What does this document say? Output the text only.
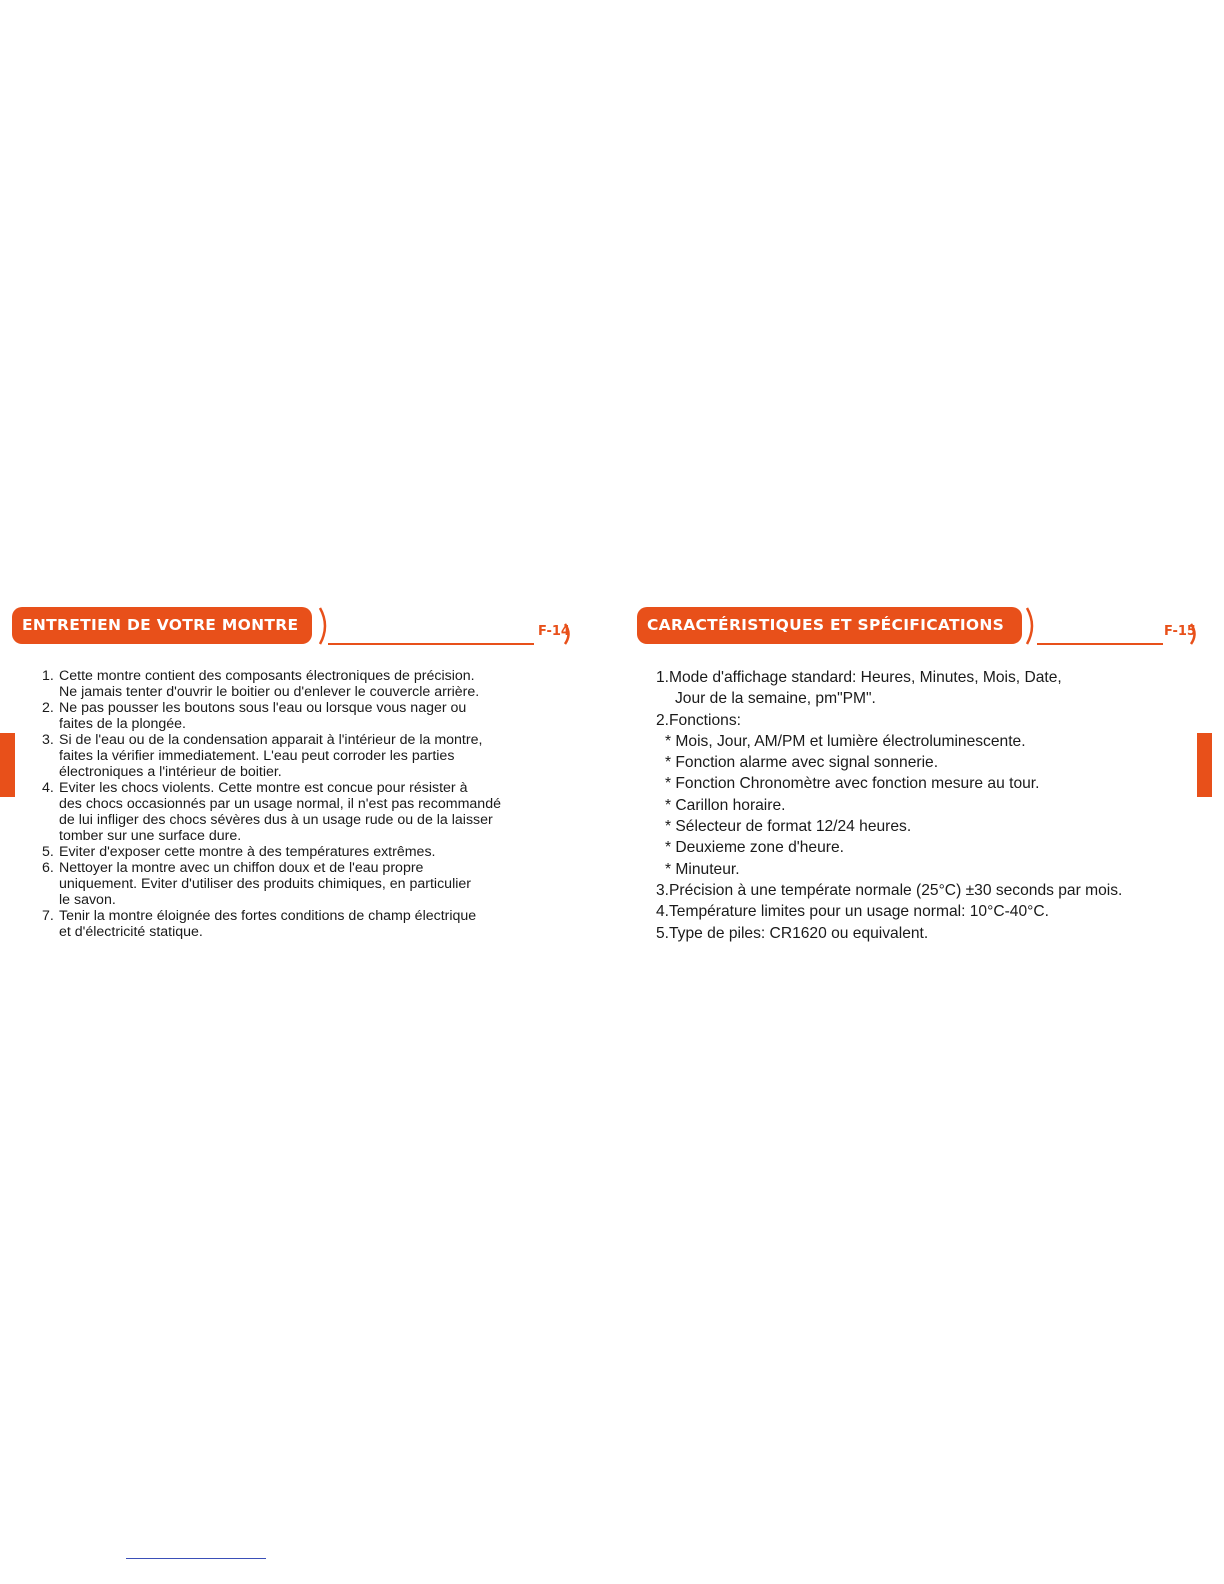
ENTRETIEN DE VOTRE MONTRE	F-14
1. Cette montre contient des composants électroniques de précision.
Ne jamais tenter d'ouvrir le boitier ou d'enlever le couvercle arrière.
2. Ne pas pousser les boutons sous l'eau ou lorsque vous nager ou
faites de la plongée.
3. Si de l'eau ou de la condensation apparait à l'intérieur de la montre,
faites la vérifier immediatement. L'eau peut corroder les parties
électroniques a l'intérieur de boitier.
4. Eviter les chocs violents. Cette montre est concue pour résister à
des chocs occasionnés par un usage normal, il n'est pas recommandé
de lui infliger des chocs sévères dus à un usage rude ou de la laisser
tomber sur une surface dure.
5. Eviter d'exposer cette montre à des températures extrêmes.
6. Nettoyer la montre avec un chiffon doux et de l'eau propre
uniquement. Eviter d'utiliser des produits chimiques, en particulier
le savon.
7. Tenir la montre éloignée des fortes conditions de champ électrique
et d'électricité statique.
CARACTÉRISTIQUES ET SPÉCIFICATIONS	F-15
1.Mode d'affichage standard: Heures, Minutes, Mois, Date,
Jour de la semaine, pm"PM".
2.Fonctions:
* Mois, Jour, AM/PM et lumière électroluminescente.
* Fonction alarme avec signal sonnerie.
* Fonction Chronomètre avec fonction mesure au tour.
* Carillon horaire.
* Sélecteur de format 12/24 heures.
* Deuxieme zone d'heure.
* Minuteur.
3.Précision à une températe normale (25°C) ±30 seconds par mois.
4.Température limites pour un usage normal: 10°C-40°C.
5.Type de piles: CR1620 ou equivalent.
